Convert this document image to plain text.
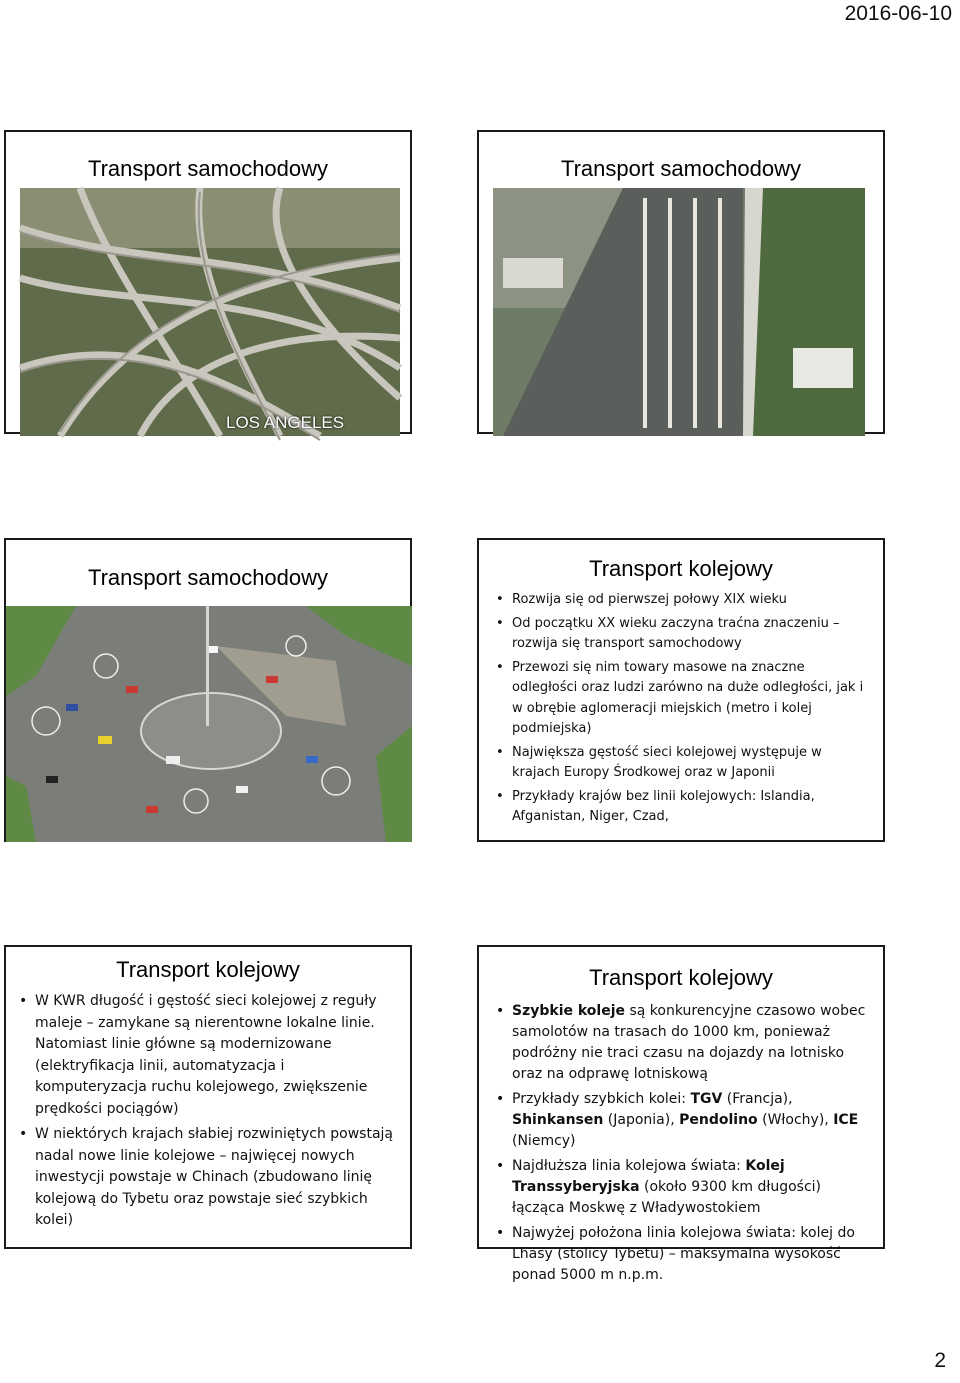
2016-06-10
Transport samochodowy
LOS ANGELES
Transport samochodowy
Transport samochodowy	Transport kolejowy
• Rozwija się od pierwszej połowy XIX wieku
• Od początku XX wieku zaczyna traćna znaczeniu – rozwija się transport samochodowy
• Przewozi się nim towary masowe na znaczne odległości oraz ludzi zarówno na duże odległości, jak i w obrębie aglomeracji miejskich (metro i kolej podmiejska)
• Największa gęstość sieci kolejowej występuje w krajach Europy Środkowej oraz w Japonii
• Przykłady krajów bez linii kolejowych: Islandia, Afganistan, Niger, Czad,
Transport kolejowy
• W KWR długość i gęstość sieci kolejowej z reguły maleje – zamykane są nierentowne lokalne linie. Natomiast linie główne są modernizowane (elektryfikacja linii, automatyzacja i komputeryzacja ruchu kolejowego, zwiększenie prędkości pociągów)
• W niektórych krajach słabiej rozwiniętych powstają nadal nowe linie kolejowe – najwięcej nowych inwestycji powstaje w Chinach (zbudowano linię kolejową do Tybetu oraz powstaje sieć szybkich kolei)
Transport kolejowy
• Szybkie koleje są konkurencyjne czasowo wobec samolotów na trasach do 1000 km, ponieważ podróżny nie traci czasu na dojazdy na lotnisko oraz na odprawę lotniskową
• Przykłady szybkich kolei: TGV (Francja), Shinkansen (Japonia), Pendolino (Włochy), ICE (Niemcy)
• Najdłuższa linia kolejowa świata: Kolej Transsyberyjska (około 9300 km długości) łącząca Moskwę z Władywostokiem
• Najwyżej położona linia kolejowa świata: kolej do Lhasy (stolicy Tybetu) – maksymalna wysokość ponad 5000 m n.p.m.
2
